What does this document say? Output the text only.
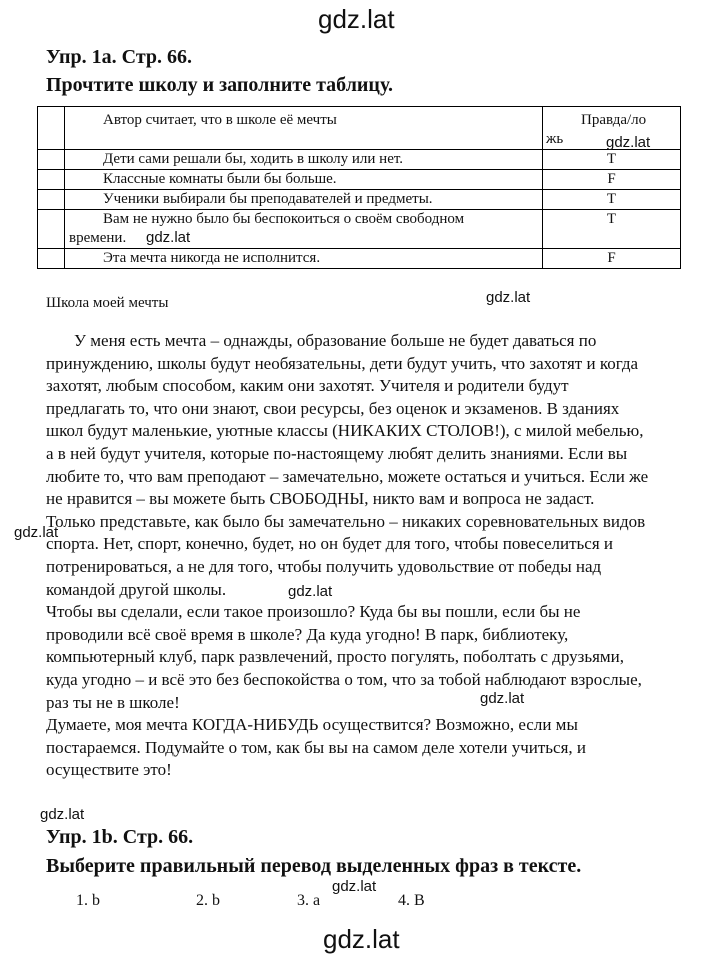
gdz.lat
Упр. 1a. Стр. 66.
Прочтите школу и заполните таблицу.

	Автор считает, что в школе её мечты	Правда/ло
жь

	Дети сами решали бы, ходить в школу или нет.	T

	Классные комнаты были бы больше.	F

	Ученики выбирали бы преподавателей и предметы.	T

	Вам не нужно было бы беспокоиться о своём свободном
времени.	T

	Эта мечта никогда не исполнится.	F
gdz.lat
gdz.lat
Школа моей мечты	gdz.lat

У меня есть мечта – однажды, образование больше не будет даваться по

принуждению, школы будут необязательны, дети будут учить, что захотят и когда

захотят, любым способом, каким они захотят. Учителя и родители будут

предлагать то, что они знают, свои ресурсы, без оценок и экзаменов. В зданиях

школ будут маленькие, уютные классы (НИКАКИХ СТОЛОВ!), с милой мебелью,

а в ней будут учителя, которые по-настоящему любят делить знаниями. Если вы

любите то, что вам преподают – замечательно, можете остаться и учиться. Если же

не нравится – вы можете быть СВОБОДНЫ, никто вам и вопроса не задаст.

Только представьте, как было бы замечательно – никаких соревновательных видов

спорта. Нет, спорт, конечно, будет, но он будет для того, чтобы повеселиться и

потренироваться, а не для того, чтобы получить удовольствие от победы над

командой другой школы.

Чтобы вы сделали, если такое произошло? Куда бы вы пошли, если бы не

проводили всё своё время в школе? Да куда угодно! В парк, библиотеку,

компьютерный клуб, парк развлечений, просто погулять, поболтать с друзьями,

куда угодно – и всё это без беспокойства о том, что за тобой наблюдают взрослые,

раз ты не в школе!

Думаете, моя мечта КОГДА-НИБУДЬ осуществится? Возможно, если мы

постараемся. Подумайте о том, как бы вы на самом деле хотели учиться, и

осуществите это!

gdz.lat
gdz.lat
gdz.lat
gdz.lat
Упр. 1b. Стр. 66.
Выберите правильный перевод выделенных фраз в тексте.
1. b	2. b	3. a	4. B
gdz.lat
gdz.lat
